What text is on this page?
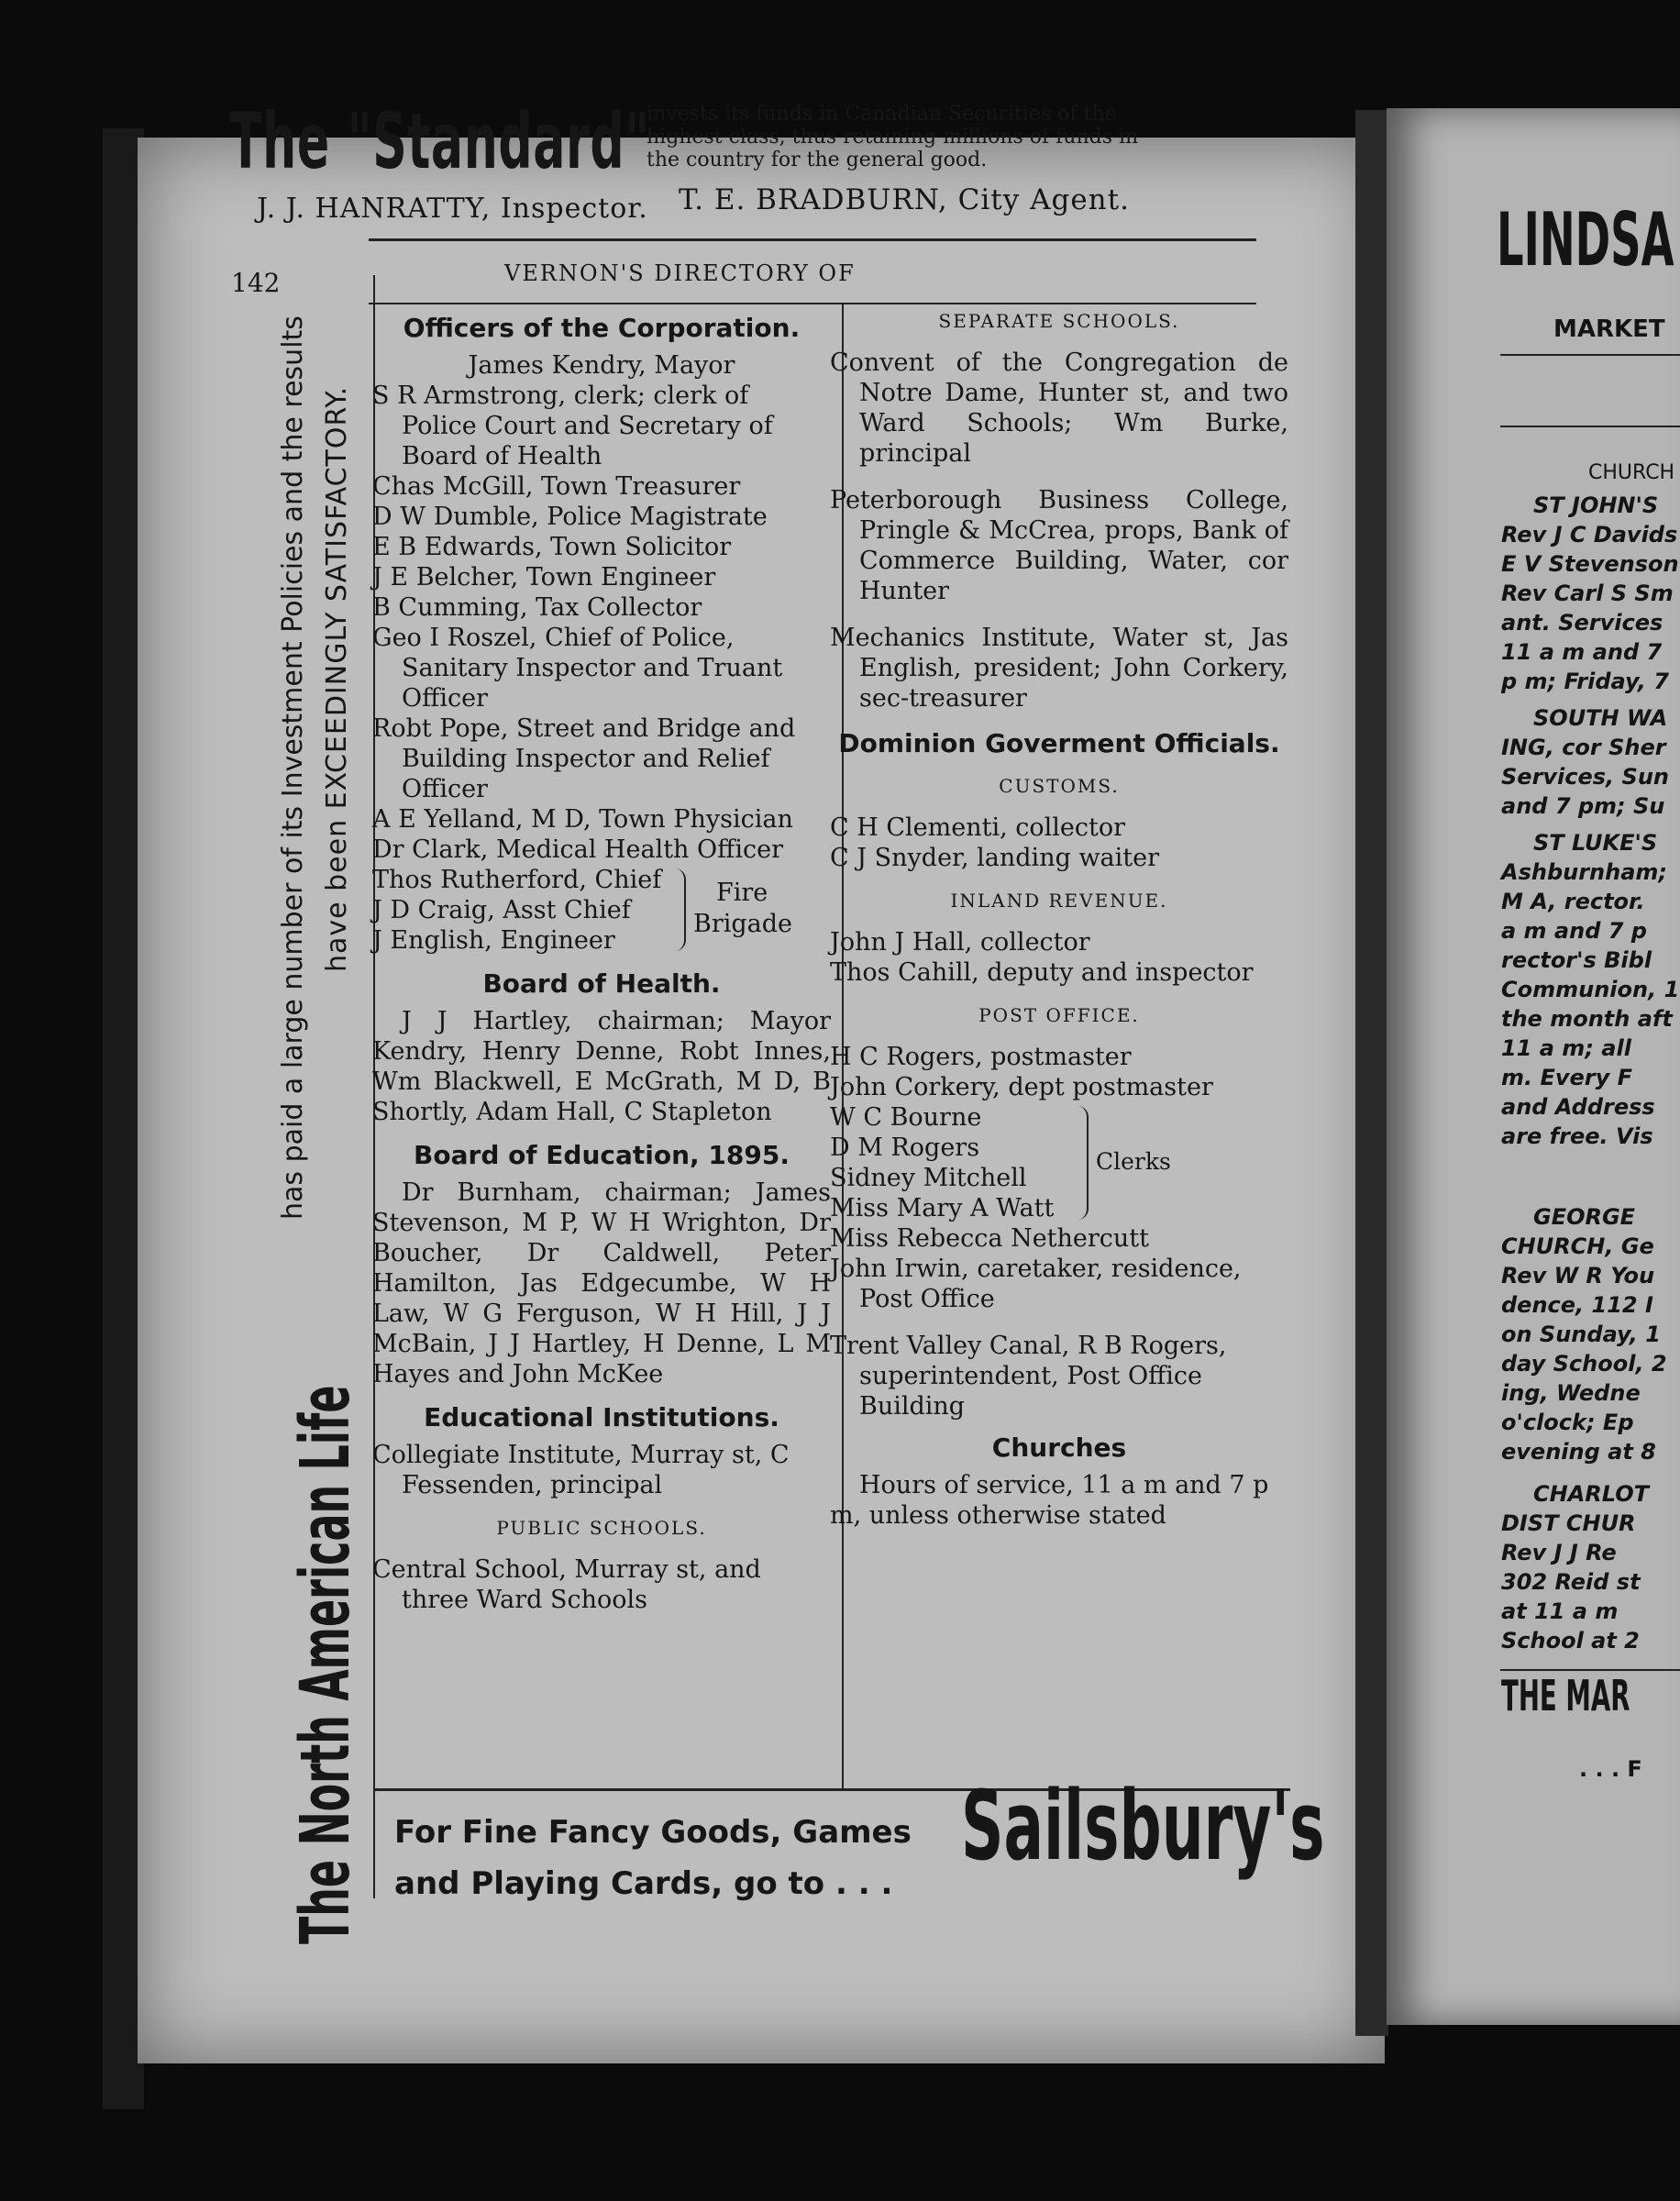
The "Standard"
invests its funds in Canadian Securities of the highest class, thus retaining millions of funds in the country for the general good.
J. J. HANRATTY, Inspector. T. E. BRADBURN, City Agent.
142	VERNON'S DIRECTORY OF
The North American Life
has paid a large number of its Investment Policies and the results have been EXCEEDINGLY SATISFACTORY.
Officers of the Corporation.
James Kendry, Mayor
S R Armstrong, clerk; clerk of Police Court and Secretary of Board of Health
Chas McGill, Town Treasurer
D W Dumble, Police Magistrate
E B Edwards, Town Solicitor
J E Belcher, Town Engineer
B Cumming, Tax Collector
Geo I Roszel, Chief of Police, Sanitary Inspector and Truant Officer
Robt Pope, Street and Bridge and Building Inspector and Relief Officer
A E Yelland, M D, Town Physician
Dr Clark, Medical Health Officer
Thos Rutherford, Chief
J D Craig, Asst Chief
J English, Engineer
Fire
Brigade
Board of Health.
J J Hartley, chairman; Mayor Kendry, Henry Denne, Robt Innes, Wm Blackwell, E McGrath, M D, B Shortly, Adam Hall, C Stapleton
Board of Education, 1895.
Dr Burnham, chairman; James Stevenson, M P, W H Wrighton, Dr Boucher, Dr Caldwell, Peter Hamilton, Jas Edgecumbe, W H Law, W G Ferguson, W H Hill, J J McBain, J J Hartley, H Denne, L M Hayes and John McKee
Educational Institutions.
Collegiate Institute, Murray st, C Fessenden, principal
PUBLIC SCHOOLS.
Central School, Murray st, and three Ward Schools
SEPARATE SCHOOLS.
Convent of the Congregation de Notre Dame, Hunter st, and two Ward Schools; Wm Burke, principal
Peterborough Business College, Pringle & McCrea, props, Bank of Commerce Building, Water, cor Hunter
Mechanics Institute, Water st, Jas English, president; John Corkery, sec-treasurer
Dominion Goverment Officials.
CUSTOMS.
C H Clementi, collector
C J Snyder, landing waiter
INLAND REVENUE.
John J Hall, collector
Thos Cahill, deputy and inspector
POST OFFICE.
H C Rogers, postmaster
John Corkery, dept postmaster
W C Bourne
D M Rogers
Sidney Mitchell
Miss Mary A Watt
Clerks
Miss Rebecca Nethercutt
John Irwin, caretaker, residence, Post Office
Trent Valley Canal, R B Rogers, superintendent, Post Office Building
Churches
Hours of service, 11 a m and 7 p m, unless otherwise stated
For Fine Fancy Goods, Games
and Playing Cards, go to . . .
Sailsbury's
LINDSA
MARKET
CHURCH
ST JOHN'S
Rev J C Davids
E V Stevenson
Rev Carl S Sm
ant. Services
11 a m and 7
p m; Friday, 7
SOUTH WA
ING, cor Sher
Services, Sun
and 7 pm; Su
ST LUKE'S
Ashburnham;
M A, rector.
a m and 7 p
rector's Bibl
Communion, 1
the month aft
11 a m; all
m. Every F
and Address
are free. Vis
GEORGE
CHURCH, Ge
Rev W R You
dence, 112 I
on Sunday, 1
day School, 2
ing, Wedne
o'clock; Ep
evening at 8
CHARLOT
DIST CHUR
Rev J J Re
302 Reid st
at 11 a m
School at 2
THE MAR
. . . F
